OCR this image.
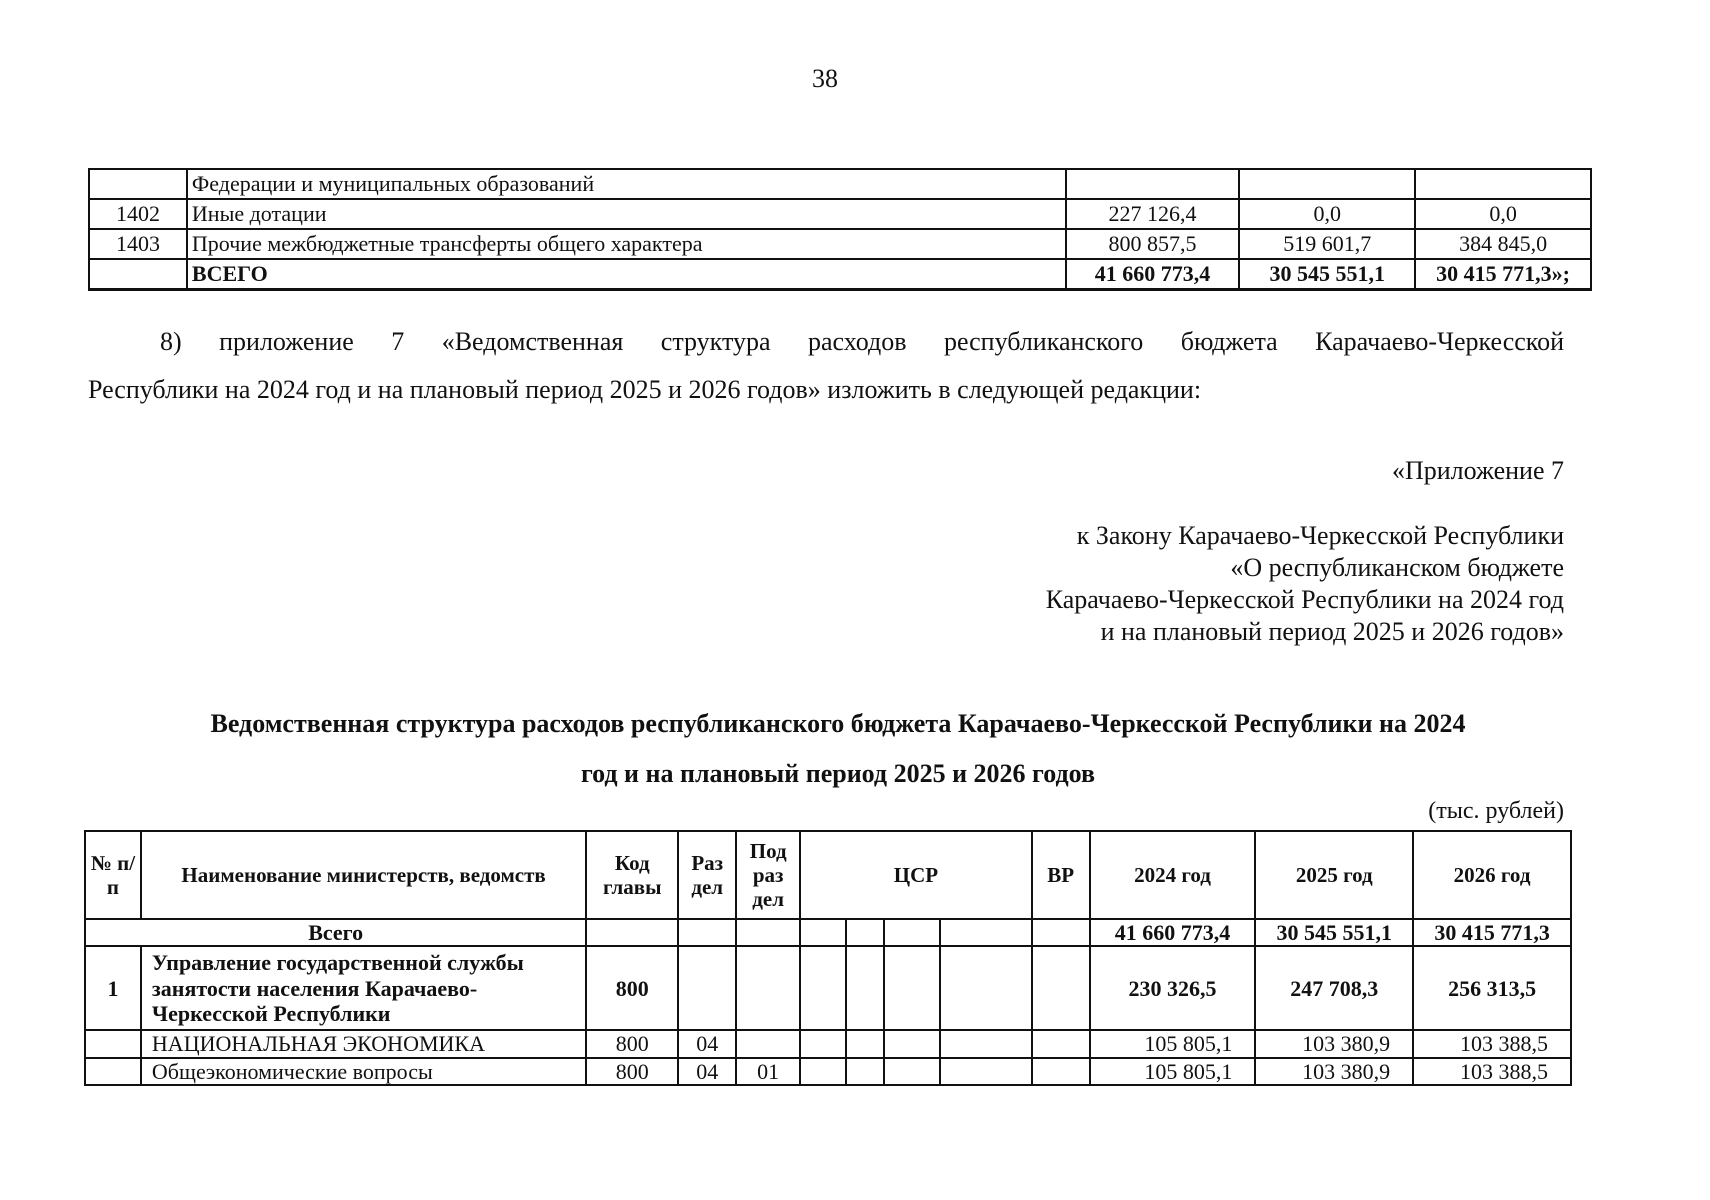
38
	Федерации и муниципальных образований			
1402	Иные дотации	227 126,4	0,0	0,0
1403	Прочие межбюджетные трансферты общего характера	800 857,5	519 601,7	384 845,0
	ВСЕГО	41 660 773,4	30 545 551,1	30 415 771,3»;
8) приложение 7 «Ведомственная структура расходов республиканского бюджета Карачаево-Черкесской
Республики на 2024 год и на плановый период 2025 и 2026 годов» изложить в следующей редакции:
«Приложение 7
к Закону Карачаево-Черкесской Республики
«О республиканском бюджете
Карачаево-Черкесской Республики на 2024 год
и на плановый период 2025 и 2026 годов»
Ведомственная структура расходов республиканского бюджета Карачаево-Черкесской Республики на 2024
год и на плановый период 2025 и 2026 годов
(тыс. рублей)
№ п/п	Наименование министерств, ведомств	Код главы	Раз дел	Под раз дел	ЦСР				ВР	2024 год	2025 год	2026 год
Всего										41 660 773,4	30 545 551,1	30 415 771,3
1	Управление государственной службы занятости населения Карачаево-Черкесской Республики	800								230 326,5	247 708,3	256 313,5
	НАЦИОНАЛЬНАЯ ЭКОНОМИКА	800	04							105 805,1	103 380,9	103 388,5
	Общеэкономические вопросы	800	04	01						105 805,1	103 380,9	103 388,5
